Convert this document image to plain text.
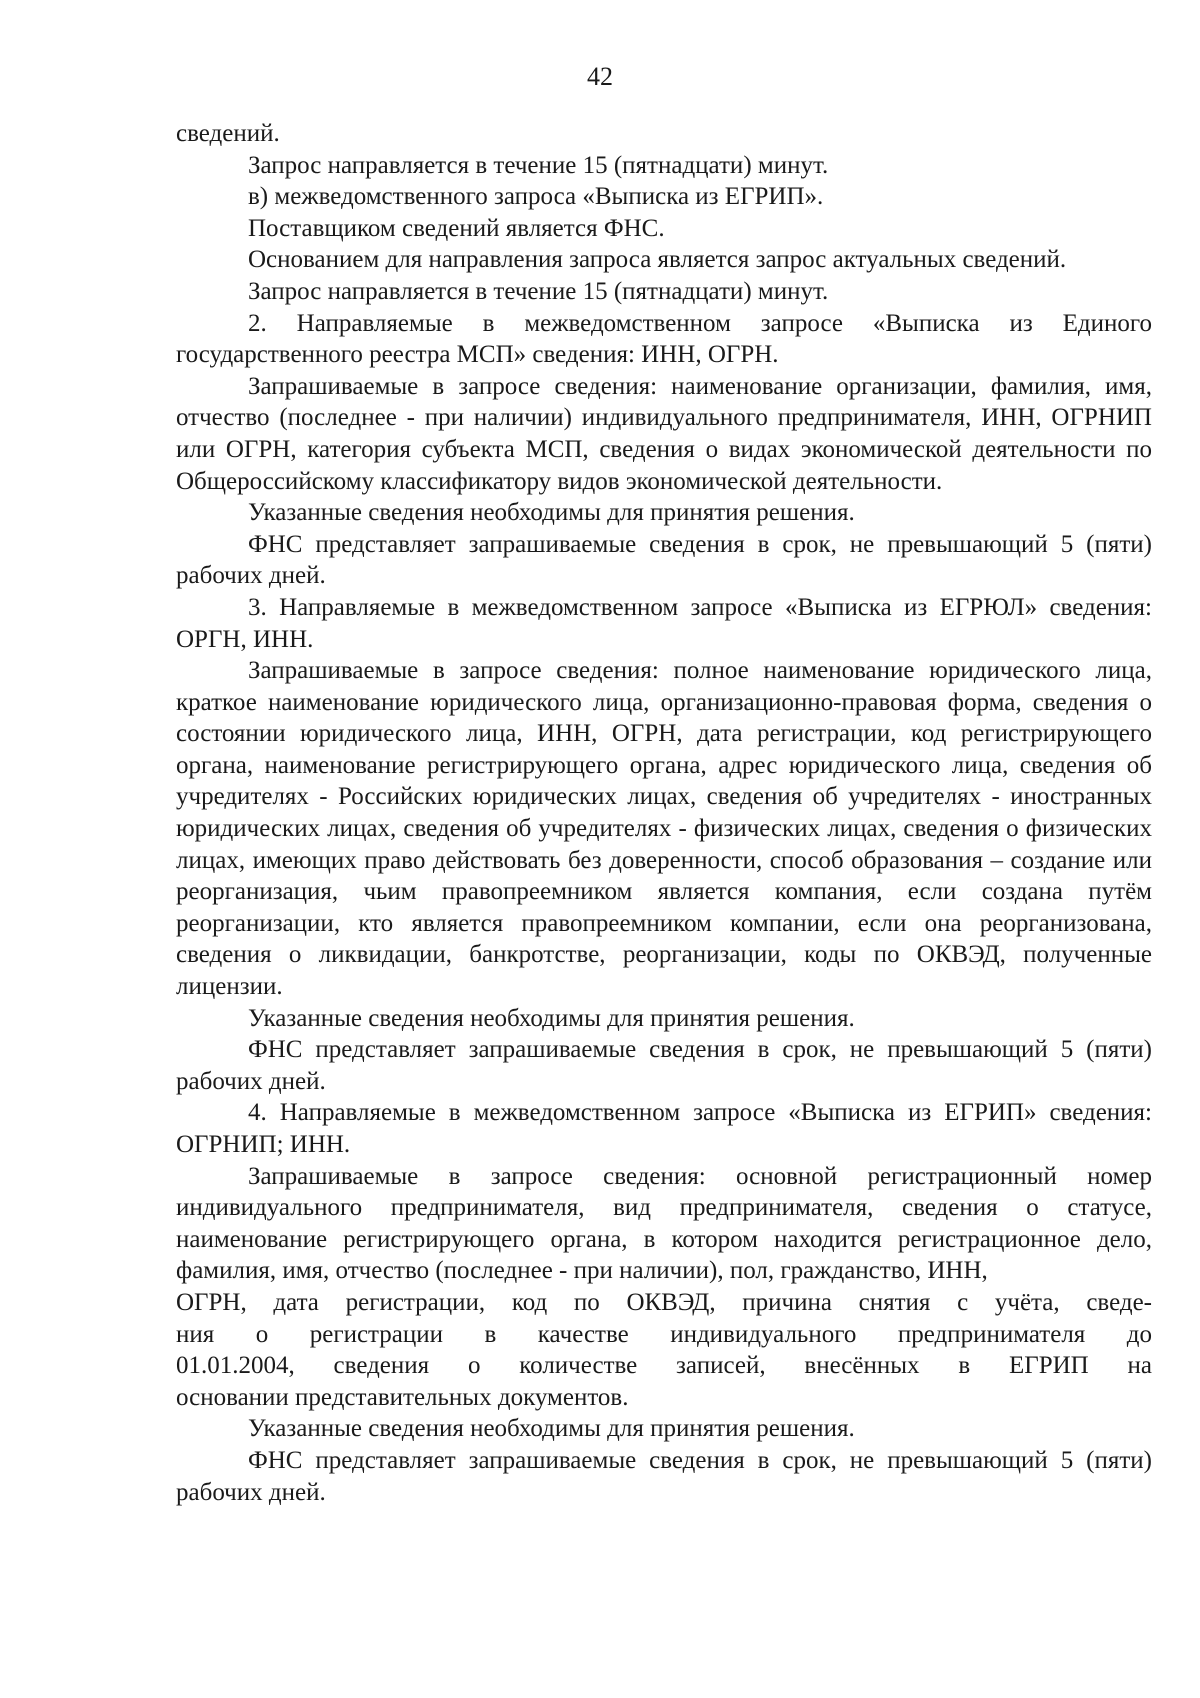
42

сведений.

Запрос направляется в течение 15 (пятнадцати) минут.

в) межведомственного запроса «Выписка из ЕГРИП».

Поставщиком сведений является ФНС.

Основанием для направления запроса является запрос актуальных сведений.

Запрос направляется в течение 15 (пятнадцати) минут.

2. Направляемые в межведомственном запросе «Выписка из Единого государственного реестра МСП» сведения: ИНН, ОГРН.

Запрашиваемые в запросе сведения: наименование организации, фамилия, имя, отчество (последнее - при наличии) индивидуального предпринимателя, ИНН, ОГРНИП или ОГРН, категория субъекта МСП, сведения о видах экономической деятельности по Общероссийскому классификатору видов экономической деятельности.

Указанные сведения необходимы для принятия решения.

ФНС представляет запрашиваемые сведения в срок, не превышающий 5 (пяти) рабочих дней.

3. Направляемые в межведомственном запросе «Выписка из ЕГРЮЛ» сведения: ОРГН, ИНН.

Запрашиваемые в запросе сведения: полное наименование юридического лица, краткое наименование юридического лица, организационно-правовая форма, сведения о состоянии юридического лица, ИНН, ОГРН, дата регистрации, код регистрирующего органа, наименование регистрирующего органа, адрес юридического лица, сведения об учредителях - Российских юридических лицах, сведения об учредителях - иностранных юридических лицах, сведения об учредителях - физических лицах, сведения о физических лицах, имеющих право действовать без доверенности, способ образования – создание или реорганизация, чьим правопреемником является компания, если создана путём реорганизации, кто является правопреемником компании, если она реорганизована, сведения о ликвидации, банкротстве, реорганизации, коды по ОКВЭД, полученные лицензии.

Указанные сведения необходимы для принятия решения.

ФНС представляет запрашиваемые сведения в срок, не превышающий 5 (пяти) рабочих дней.

4. Направляемые в межведомственном запросе «Выписка из ЕГРИП» сведения: ОГРНИП; ИНН.

Запрашиваемые в запросе сведения: основной регистрационный номер индивидуального предпринимателя, вид предпринимателя, сведения о статусе, наименование регистрирующего органа, в котором находится регистрационное дело, фамилия, имя, отчество (последнее - при наличии), пол, гражданство, ИНН,

ОГРН, дата регистрации, код по ОКВЭД, причина снятия с учёта, сведе-
ния о регистрации в качестве индивидуального предпринимателя до
01.01.2004, сведения о количестве записей, внесённых в ЕГРИП на
основании представительных документов.

Указанные сведения необходимы для принятия решения.

ФНС представляет запрашиваемые сведения в срок, не превышающий 5 (пяти) рабочих дней.
